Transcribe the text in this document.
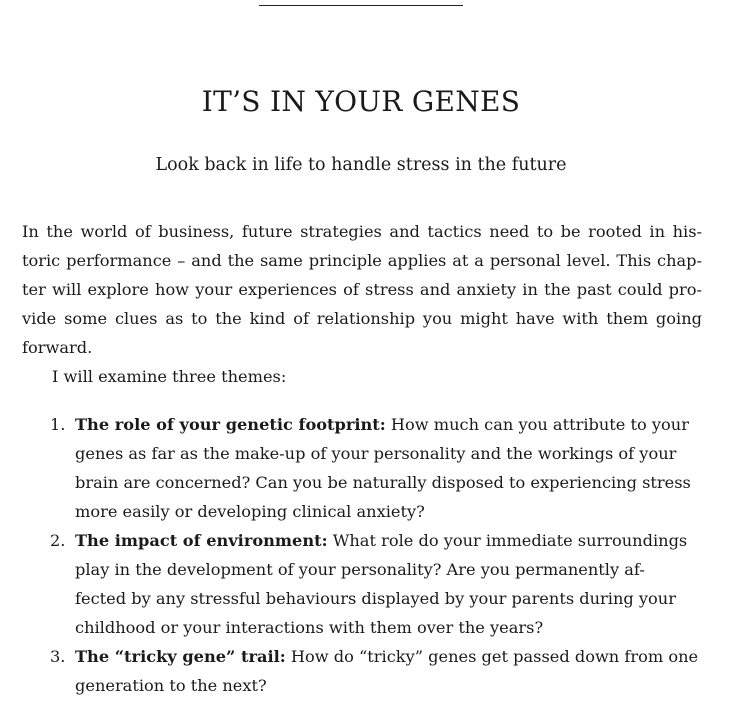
IT’S IN YOUR GENES

Look back in life to handle stress in the future

In the world of business, future strategies and tactics need to be rooted in his-
toric performance – and the same principle applies at a personal level. This chap-
ter will explore how your experiences of stress and anxiety in the past could pro-
vide some clues as to the kind of relationship you might have with them going
forward.
I will examine three themes:
1. The role of your genetic footprint: How much can you attribute to your
genes as far as the make-up of your personality and the workings of your
brain are concerned? Can you be naturally disposed to experiencing stress
more easily or developing clinical anxiety?
2. The impact of environment: What role do your immediate surroundings
play in the development of your personality? Are you permanently af-
fected by any stressful behaviours displayed by your parents during your
childhood or your interactions with them over the years?
3. The “tricky gene” trail: How do “tricky” genes get passed down from one
generation to the next?
